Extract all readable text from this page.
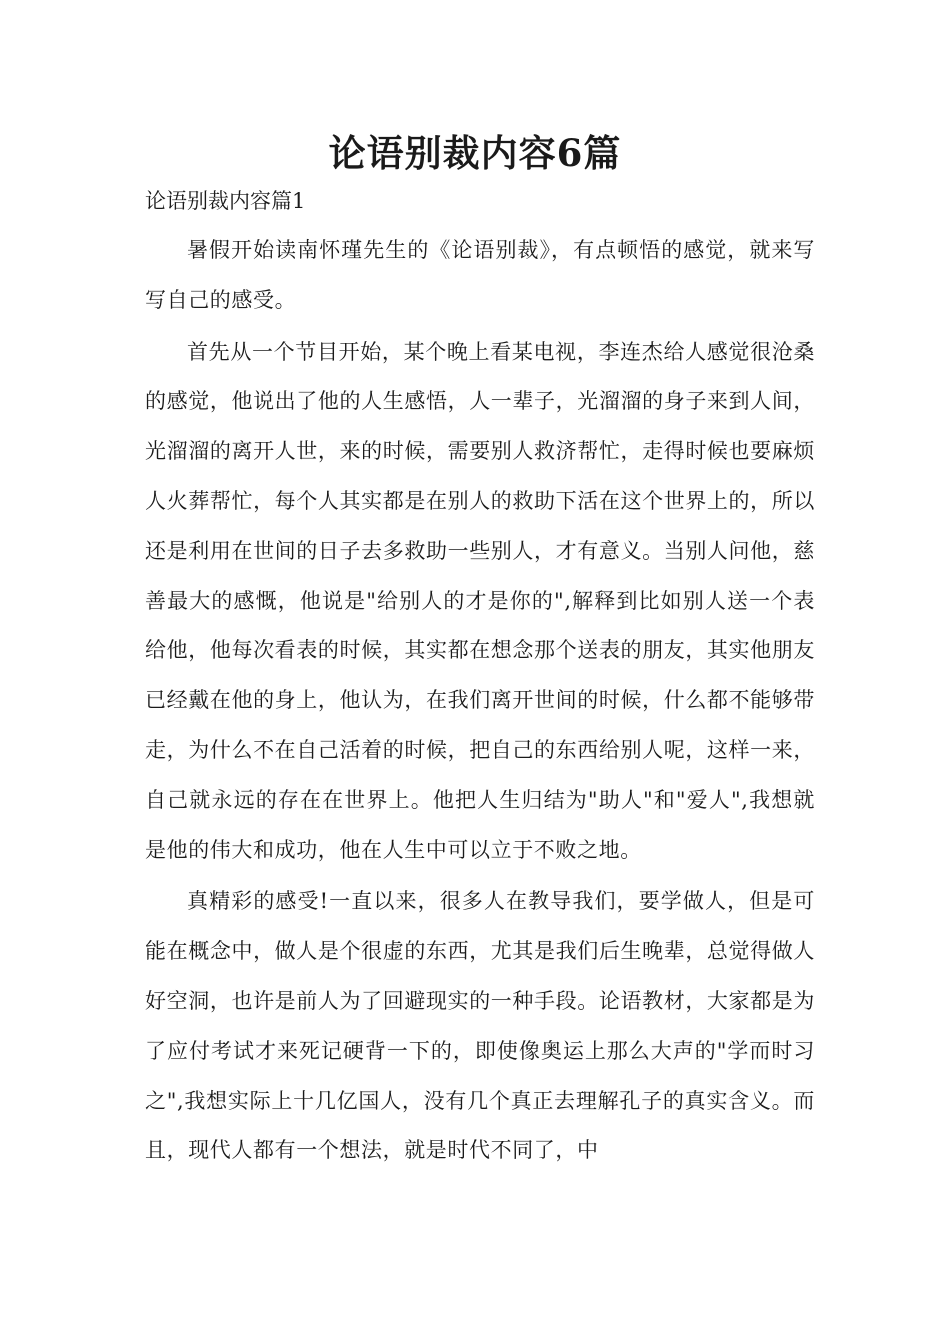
论语别裁内容6篇
论语别裁内容篇1

暑假开始读南怀瑾先生的《论语别裁》，有点顿悟的感觉，就来写写自己的感受。

首先从一个节目开始，某个晚上看某电视，李连杰给人感觉很沧桑的感觉，他说出了他的人生感悟，人一辈子，光溜溜的身子来到人间，光溜溜的离开人世，来的时候，需要别人救济帮忙，走得时候也要麻烦人火葬帮忙，每个人其实都是在别人的救助下活在这个世界上的，所以还是利用在世间的日子去多救助一些别人，才有意义。当别人问他，慈善最大的感慨，他说是"给别人的才是你的",解释到比如别人送一个表给他，他每次看表的时候，其实都在想念那个送表的朋友，其实他朋友已经戴在他的身上，他认为，在我们离开世间的时候，什么都不能够带走，为什么不在自己活着的时候，把自己的东西给别人呢，这样一来，自己就永远的存在在世界上。他把人生归结为"助人"和"爱人",我想就是他的伟大和成功，他在人生中可以立于不败之地。

真精彩的感受!一直以来，很多人在教导我们，要学做人，但是可能在概念中，做人是个很虚的东西，尤其是我们后生晚辈，总觉得做人好空洞，也许是前人为了回避现实的一种手段。论语教材，大家都是为了应付考试才来死记硬背一下的，即使像奥运上那么大声的"学而时习之",我想实际上十几亿国人，没有几个真正去理解孔子的真实含义。而且，现代人都有一个想法，就是时代不同了，中
